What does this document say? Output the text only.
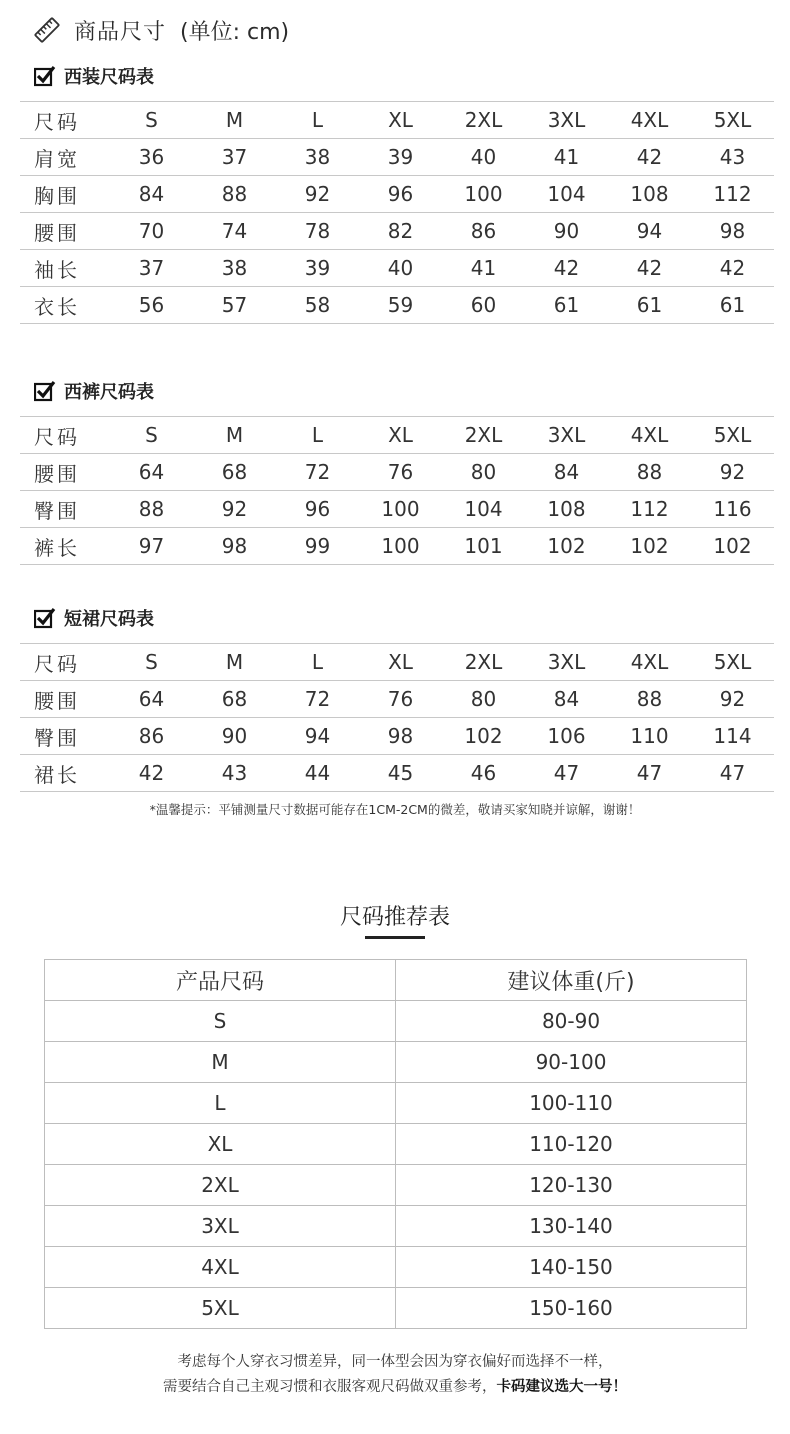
商品尺寸 (单位: cm)
西装尺码表
尺码	S	M	L	XL	2XL	3XL	4XL	5XL
肩宽	36	37	38	39	40	41	42	43
胸围	84	88	92	96	100	104	108	112
腰围	70	74	78	82	86	90	94	98
袖长	37	38	39	40	41	42	42	42
衣长	56	57	58	59	60	61	61	61
西裤尺码表
尺码	S	M	L	XL	2XL	3XL	4XL	5XL
腰围	64	68	72	76	80	84	88	92
臀围	88	92	96	100	104	108	112	116
裤长	97	98	99	100	101	102	102	102
短裙尺码表
尺码	S	M	L	XL	2XL	3XL	4XL	5XL
腰围	64	68	72	76	80	84	88	92
臀围	86	90	94	98	102	106	110	114
裙长	42	43	44	45	46	47	47	47
*温馨提示：平铺测量尺寸数据可能存在1CM-2CM的微差，敬请买家知晓并谅解，谢谢！
尺码推荐表
产品尺码	建议体重(斤)
S	80-90
M	90-100
L	100-110
XL	110-120
2XL	120-130
3XL	130-140
4XL	140-150
5XL	150-160
考虑每个人穿衣习惯差异，同一体型会因为穿衣偏好而选择不一样，
需要结合自己主观习惯和衣服客观尺码做双重参考，卡码建议选大一号！
